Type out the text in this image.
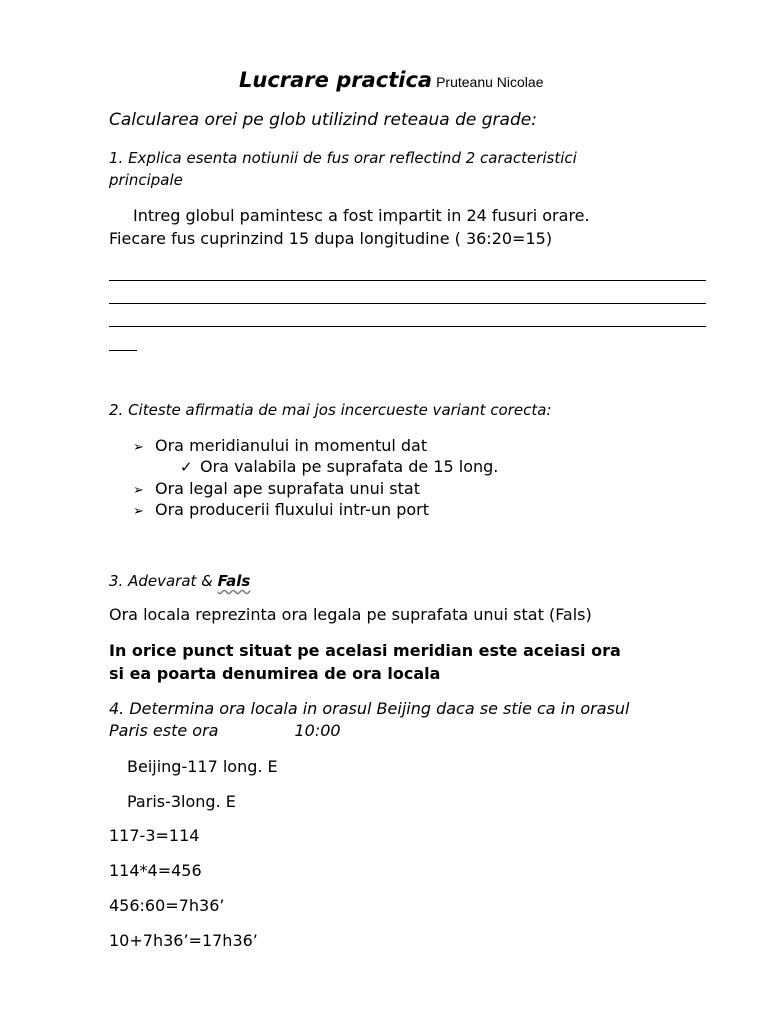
Lucrare practica Pruteanu Nicolae
Calcularea orei pe glob utilizind reteaua de grade:
1. Explica esenta notiunii de fus orar reflectind 2 caracteristici
principale
Intreg globul pamintesc a fost impartit in 24 fusuri orare.
Fiecare fus cuprinzind 15 dupa longitudine ( 36:20=15)
2. Citeste afirmatia de mai jos incercueste variant corecta:
➢ Ora meridianului in momentul dat
✓ Ora valabila pe suprafata de 15 long.
➢ Ora legal ape suprafata unui stat
➢ Ora producerii fluxului intr-un port
3. Adevarat & Fals
Ora locala reprezinta ora legala pe suprafata unui stat (Fals)
In orice punct situat pe acelasi meridian este aceiasi ora
si ea poarta denumirea de ora locala
4. Determina ora locala in orasul Beijing daca se stie ca in orasul
Paris este ora	10:00
Beijing-117 long. E
Paris-3long. E
117-3=114
114*4=456
456:60=7h36’
10+7h36’=17h36’
